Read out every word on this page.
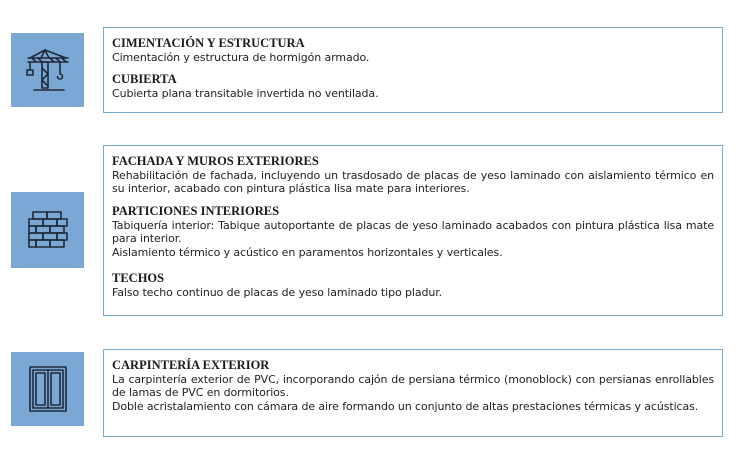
CIMENTACIÓN Y ESTRUCTURA

Cimentación y estructura de hormigón armado.

CUBIERTA

Cubierta plana transitable invertida no ventilada.

FACHADA Y MUROS EXTERIORES

Rehabilitación de fachada, incluyendo un trasdosado de placas de yeso laminado con aislamiento térmico en su interior, acabado con pintura plástica lisa mate para interiores.

PARTICIONES INTERIORES

Tabiquería interior: Tabique autoportante de placas de yeso laminado acabados con pintura plástica lisa mate para interior.

Aislamiento térmico y acústico en paramentos horizontales y verticales.

TECHOS

Falso techo continuo de placas de yeso laminado tipo pladur.

CARPINTERÍA EXTERIOR

La carpintería exterior de PVC, incorporando cajón de persiana térmico (monoblock) con persianas enrollables de lamas de PVC en dormitorios.

Doble acristalamiento con cámara de aire formando un conjunto de altas prestaciones térmicas y acústicas.
